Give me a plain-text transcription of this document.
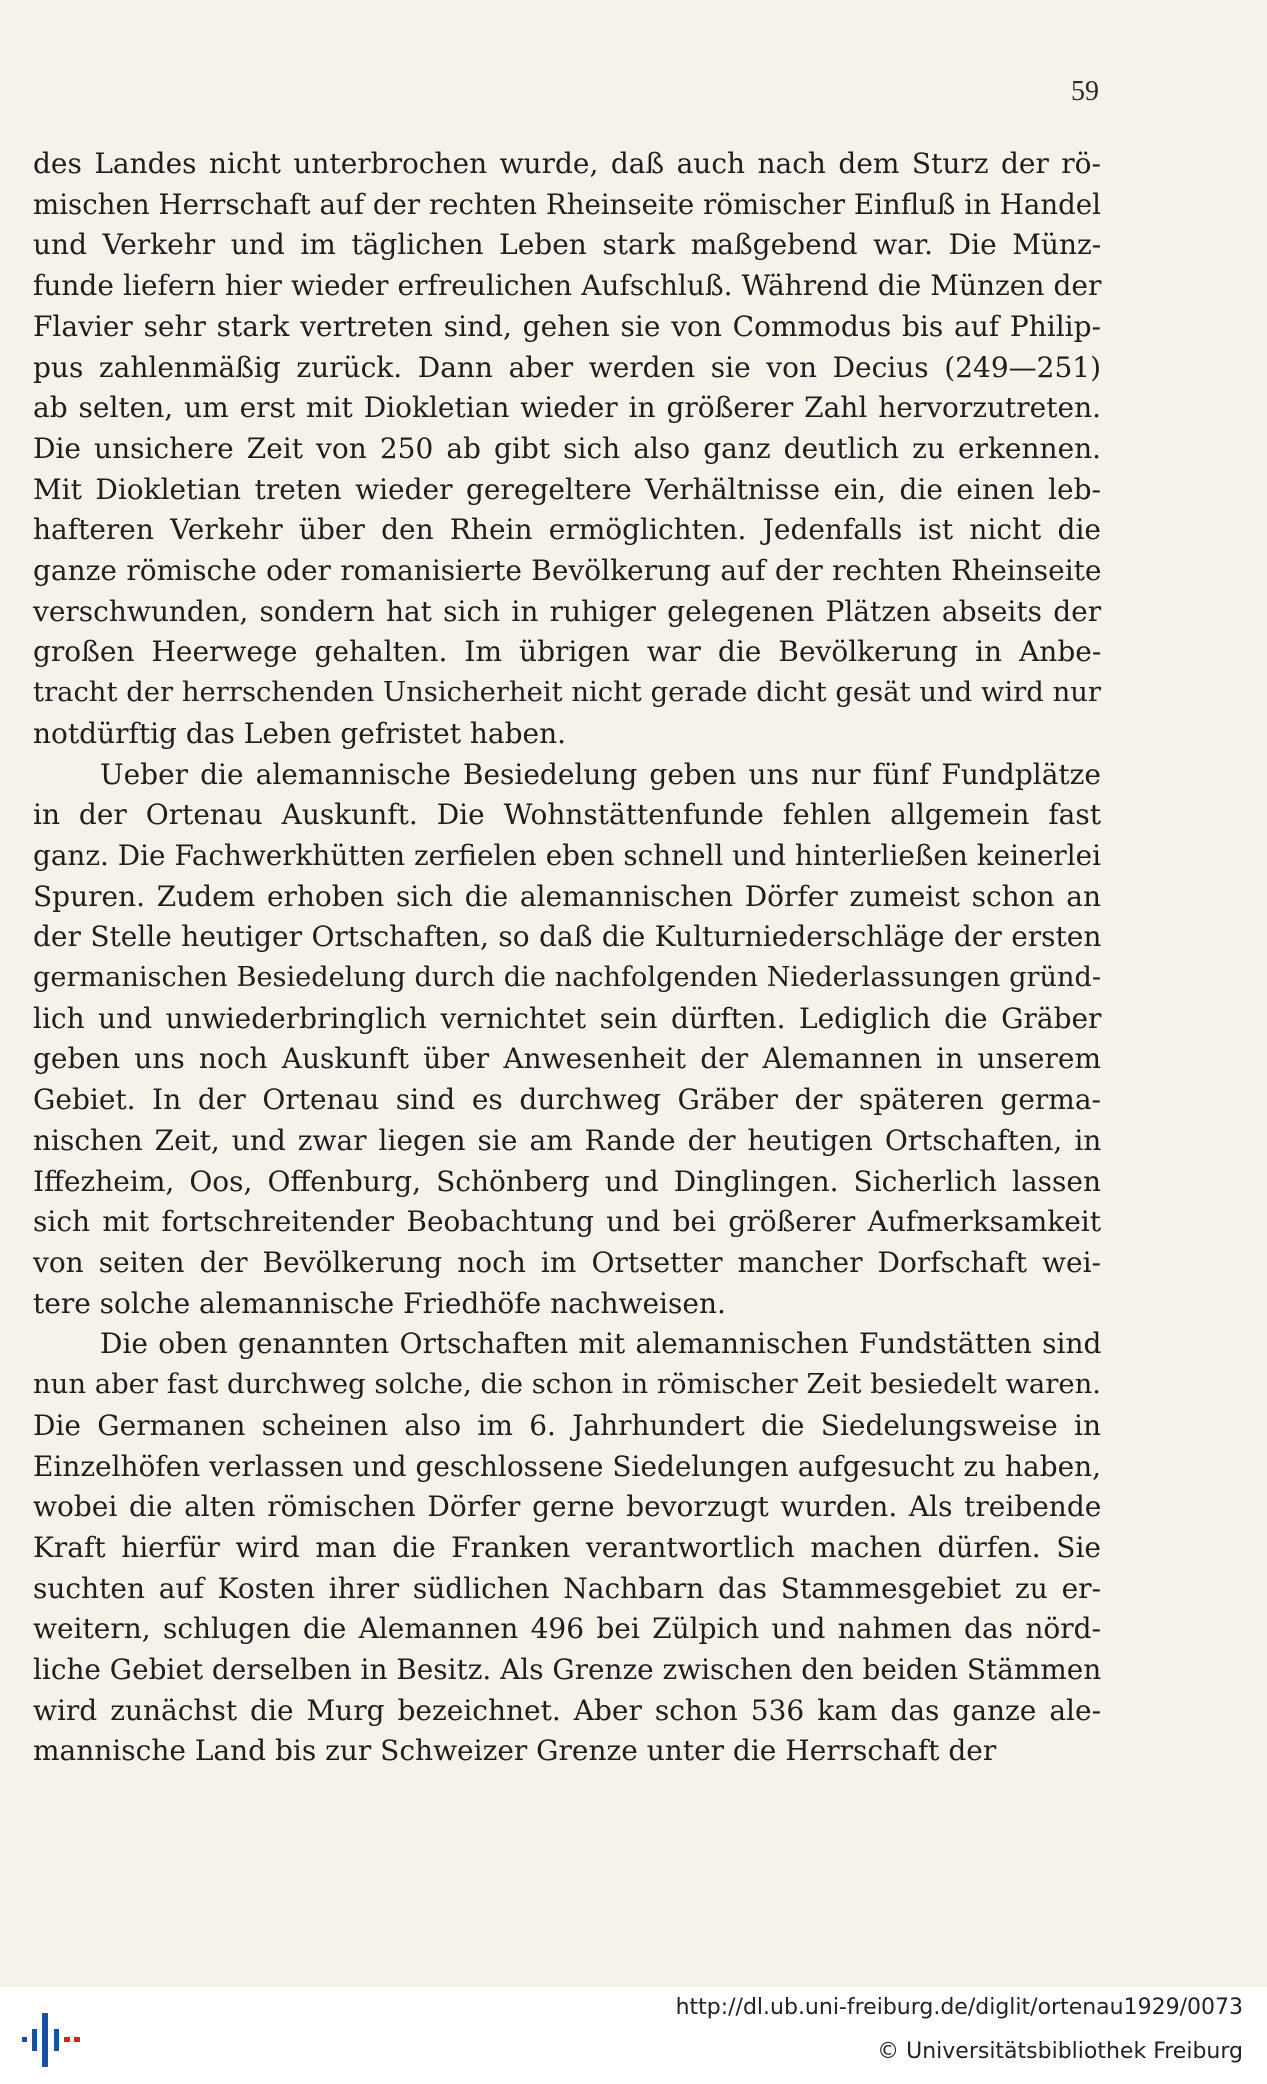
59
des Landes nicht unterbrochen wurde, daß auch nach dem Sturz der rö-
mischen Herrschaft auf der rechten Rheinseite römischer Einfluß in Handel
und Verkehr und im täglichen Leben stark maßgebend war. Die Münz-
funde liefern hier wieder erfreulichen Aufschluß. Während die Münzen der
Flavier sehr stark vertreten sind, gehen sie von Commodus bis auf Philip-
pus zahlenmäßig zurück. Dann aber werden sie von Decius (249—251)
ab selten, um erst mit Diokletian wieder in größerer Zahl hervorzutreten.
Die unsichere Zeit von 250 ab gibt sich also ganz deutlich zu erkennen.
Mit Diokletian treten wieder geregeltere Verhältnisse ein, die einen leb-
hafteren Verkehr über den Rhein ermöglichten. Jedenfalls ist nicht die
ganze römische oder romanisierte Bevölkerung auf der rechten Rheinseite
verschwunden, sondern hat sich in ruhiger gelegenen Plätzen abseits der
großen Heerwege gehalten. Im übrigen war die Bevölkerung in Anbe-
tracht der herrschenden Unsicherheit nicht gerade dicht gesät und wird nur
notdürftig das Leben gefristet haben.
Ueber die alemannische Besiedelung geben uns nur fünf Fundplätze
in der Ortenau Auskunft. Die Wohnstättenfunde fehlen allgemein fast
ganz. Die Fachwerkhütten zerfielen eben schnell und hinterließen keinerlei
Spuren. Zudem erhoben sich die alemannischen Dörfer zumeist schon an
der Stelle heutiger Ortschaften, so daß die Kulturniederschläge der ersten
germanischen Besiedelung durch die nachfolgenden Niederlassungen gründ-
lich und unwiederbringlich vernichtet sein dürften. Lediglich die Gräber
geben uns noch Auskunft über Anwesenheit der Alemannen in unserem
Gebiet. In der Ortenau sind es durchweg Gräber der späteren germa-
nischen Zeit, und zwar liegen sie am Rande der heutigen Ortschaften, in
Iffezheim, Oos, Offenburg, Schönberg und Dinglingen. Sicherlich lassen
sich mit fortschreitender Beobachtung und bei größerer Aufmerksamkeit
von seiten der Bevölkerung noch im Ortsetter mancher Dorfschaft wei-
tere solche alemannische Friedhöfe nachweisen.
Die oben genannten Ortschaften mit alemannischen Fundstätten sind
nun aber fast durchweg solche, die schon in römischer Zeit besiedelt waren.
Die Germanen scheinen also im 6. Jahrhundert die Siedelungsweise in
Einzelhöfen verlassen und geschlossene Siedelungen aufgesucht zu haben,
wobei die alten römischen Dörfer gerne bevorzugt wurden. Als treibende
Kraft hierfür wird man die Franken verantwortlich machen dürfen. Sie
suchten auf Kosten ihrer südlichen Nachbarn das Stammesgebiet zu er-
weitern, schlugen die Alemannen 496 bei Zülpich und nahmen das nörd-
liche Gebiet derselben in Besitz. Als Grenze zwischen den beiden Stämmen
wird zunächst die Murg bezeichnet. Aber schon 536 kam das ganze ale-
mannische Land bis zur Schweizer Grenze unter die Herrschaft der
http://dl.ub.uni-freiburg.de/diglit/ortenau1929/0073
© Universitätsbibliothek Freiburg
